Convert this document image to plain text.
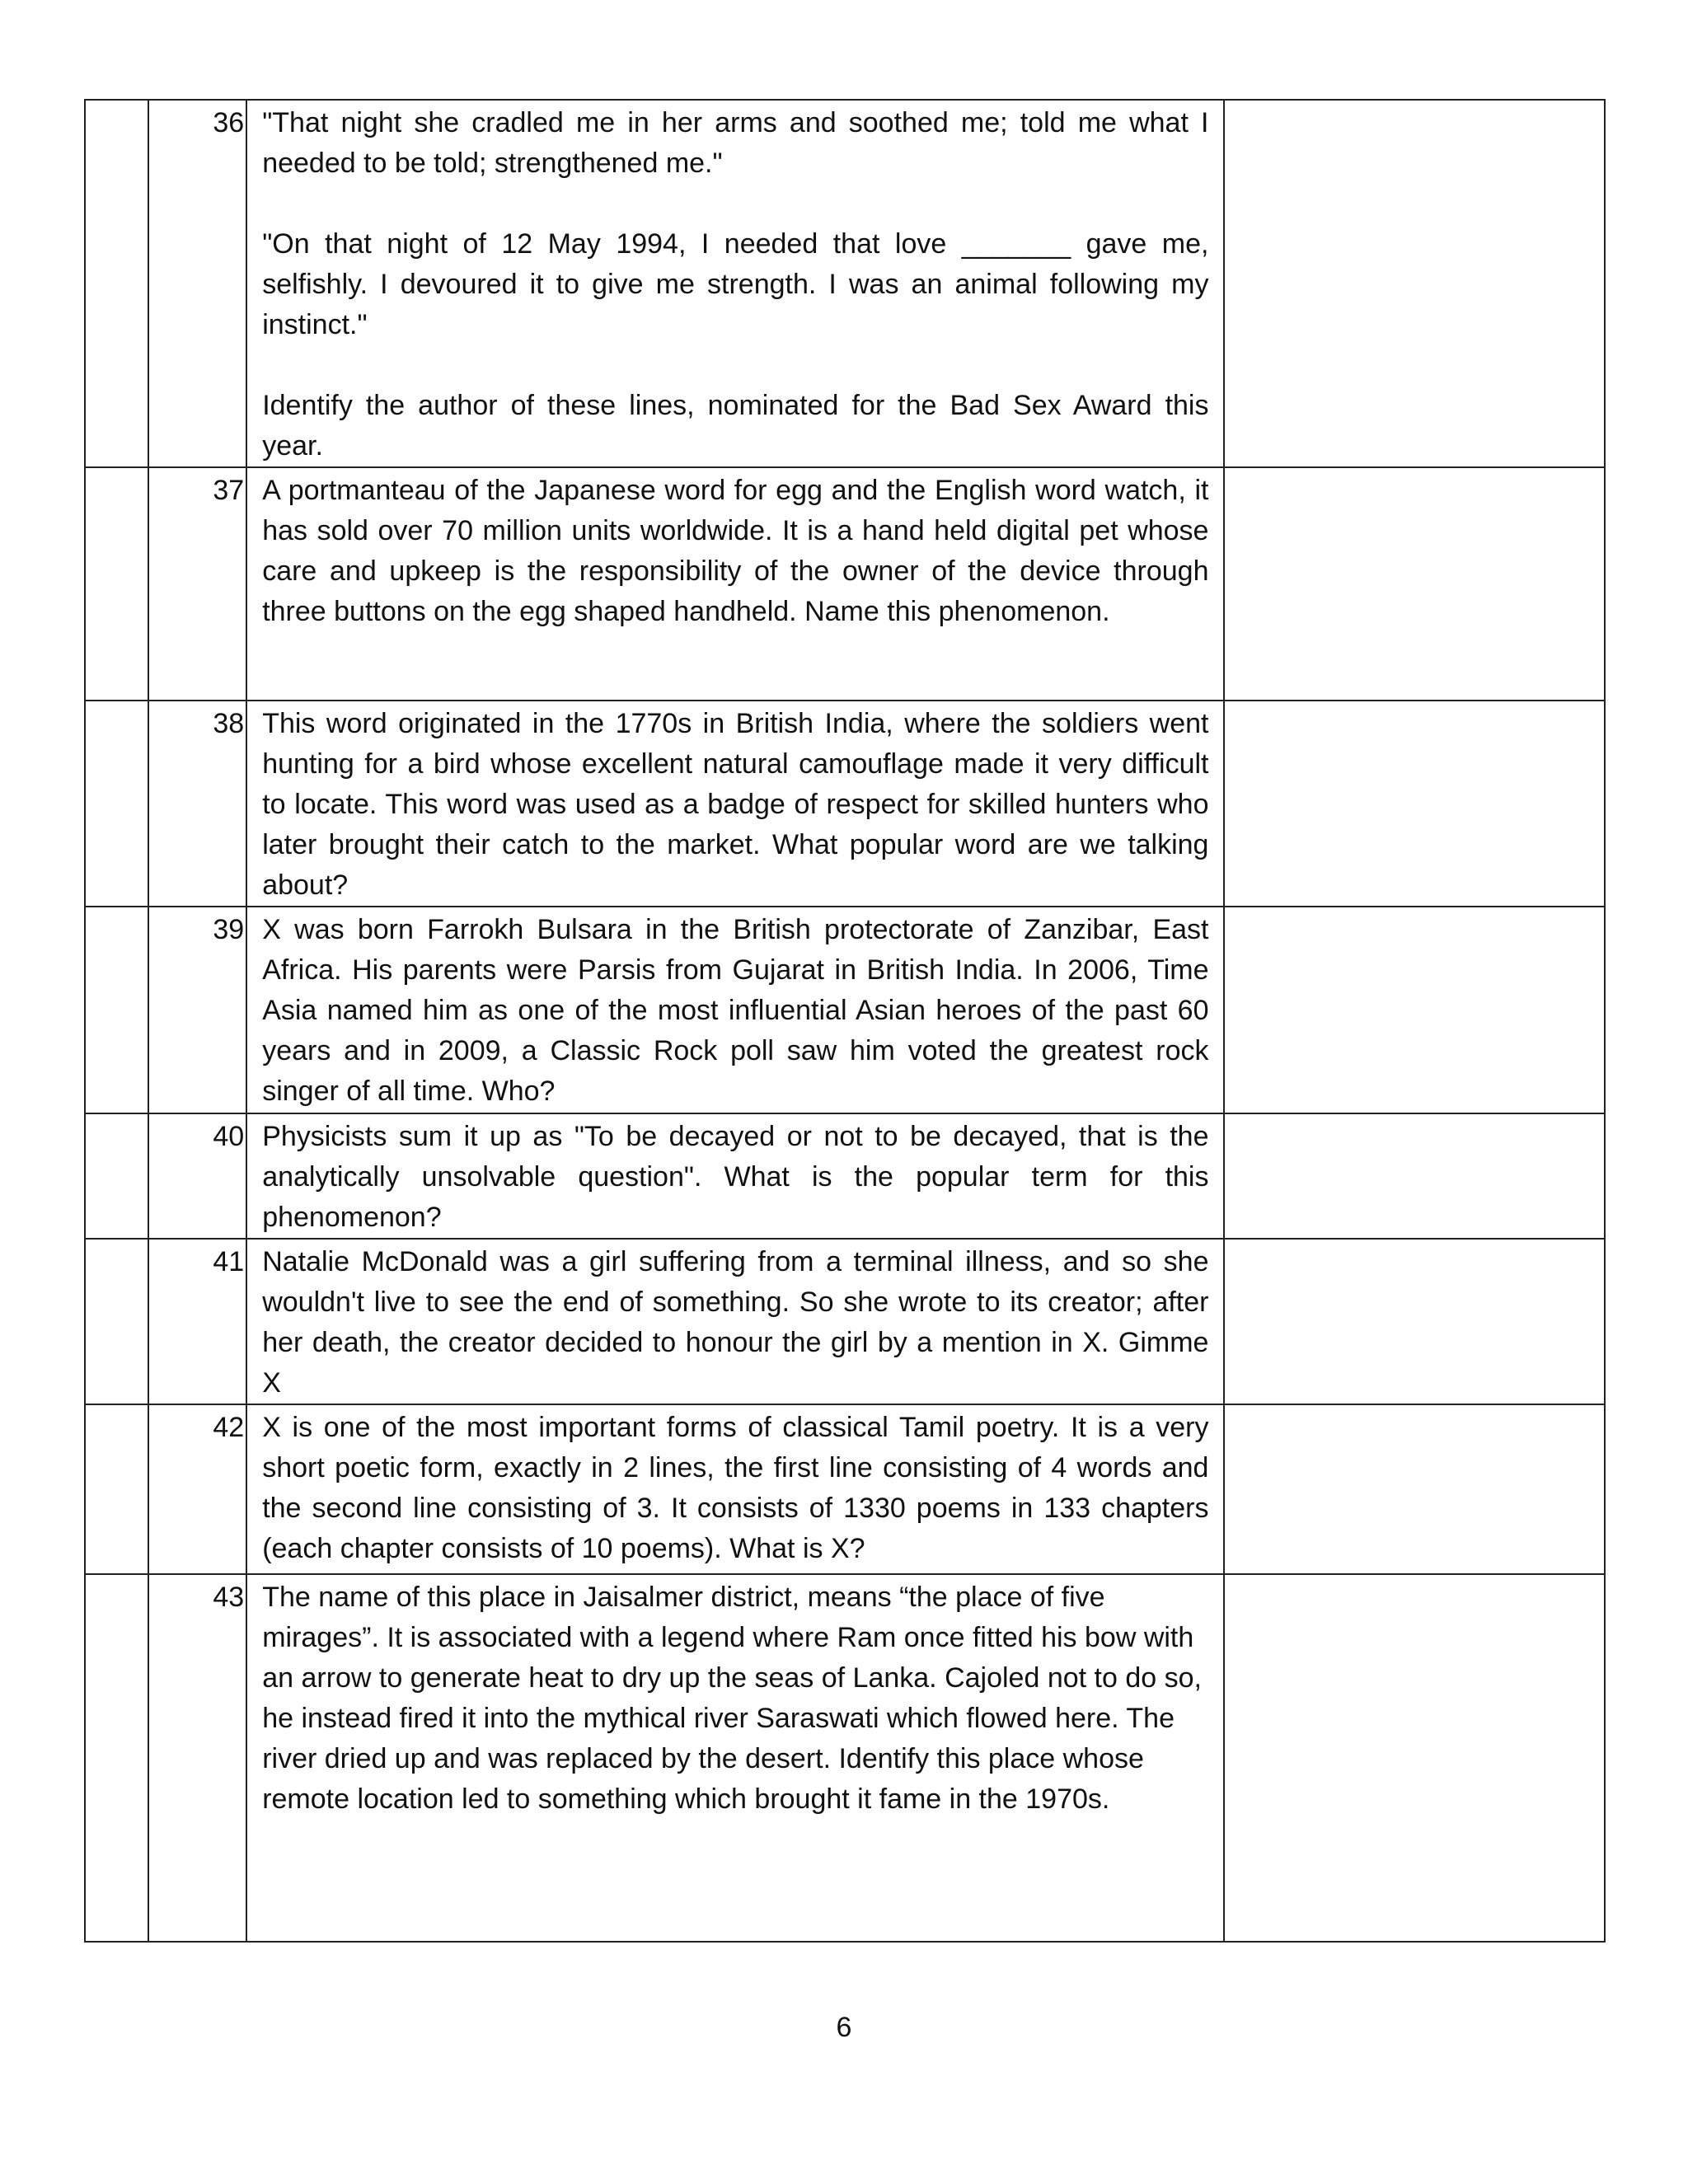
	36	"That night she cradled me in her arms and soothed me; told me what I needed to be told; strengthened me."

"On that night of 12 May 1994, I needed that love _______ gave me, selfishly. I devoured it to give me strength. I was an animal following my instinct."

Identify the author of these lines, nominated for the Bad Sex Award this year.	

	37	A portmanteau of the Japanese word for egg and the English word watch, it has sold over 70 million units worldwide. It is a hand held digital pet whose care and upkeep is the responsibility of the owner of the device through three buttons on the egg shaped handheld. Name this phenomenon.	

	38	This word originated in the 1770s in British India, where the soldiers went hunting for a bird whose excellent natural camouflage made it very difficult to locate. This word was used as a badge of respect for skilled hunters who later brought their catch to the market. What popular word are we talking about?	

	39	X was born Farrokh Bulsara in the British protectorate of Zanzibar, East Africa. His parents were Parsis from Gujarat in British India. In 2006, Time Asia named him as one of the most influential Asian heroes of the past 60 years and in 2009, a Classic Rock poll saw him voted the greatest rock singer of all time. Who?	

	40	Physicists sum it up as "To be decayed or not to be decayed, that is the analytically unsolvable question". What is the popular term for this phenomenon?	

	41	Natalie McDonald was a girl suffering from a terminal illness, and so she wouldn't live to see the end of something. So she wrote to its creator; after her death, the creator decided to honour the girl by a mention in X. Gimme X	

	42	X is one of the most important forms of classical Tamil poetry. It is a very short poetic form, exactly in 2 lines, the first line consisting of 4 words and the second line consisting of 3. It consists of 1330 poems in 133 chapters (each chapter consists of 10 poems). What is X?	

	43	The name of this place in Jaisalmer district, means “the place of five mirages”. It is associated with a legend where Ram once fitted his bow with an arrow to generate heat to dry up the seas of Lanka. Cajoled not to do so, he instead fired it into the mythical river Saraswati which flowed here. The river dried up and was replaced by the desert. Identify this place whose remote location led to something which brought it fame in the 1970s.	

6
